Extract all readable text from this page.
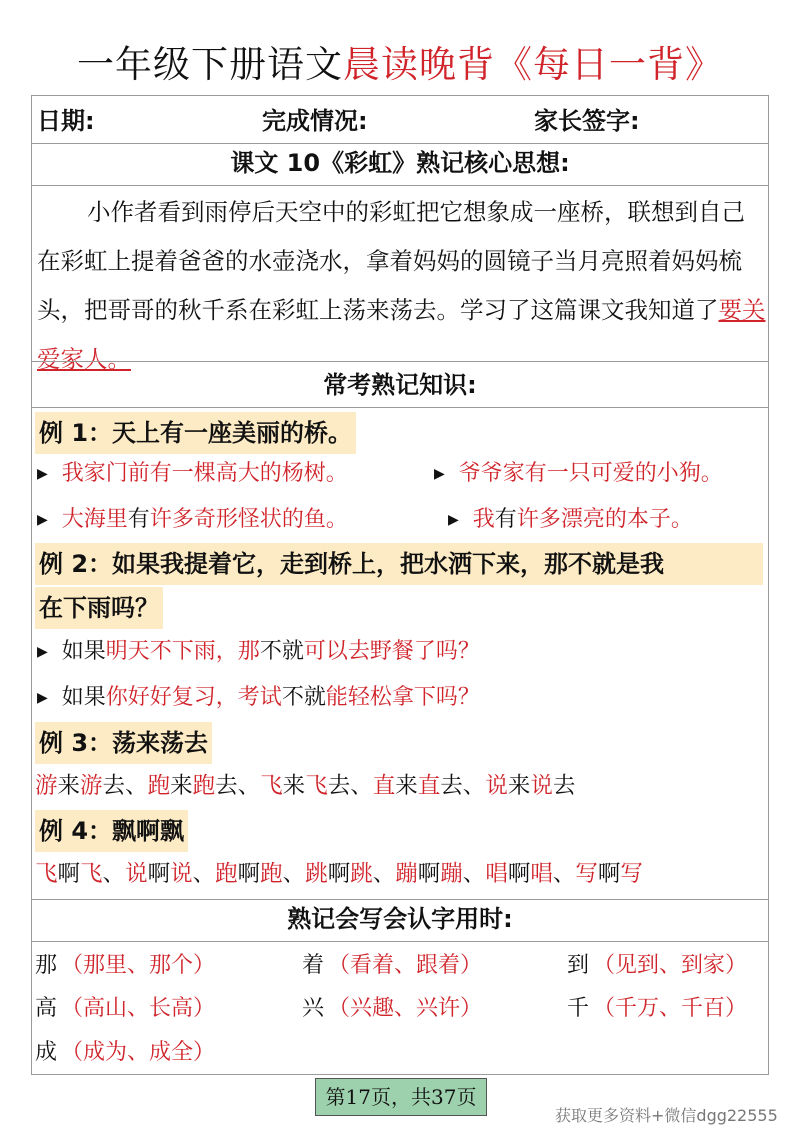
一年级下册语文晨读晚背《每日一背》
日期:	完成情况:	家长签字:
课文 10《彩虹》熟记核心思想:
小作者看到雨停后天空中的彩虹把它想象成一座桥，联想到自己在彩虹上提着爸爸的水壶浇水，拿着妈妈的圆镜子当月亮照着妈妈梳头，把哥哥的秋千系在彩虹上荡来荡去。学习了这篇课文我知道了要关爱家人。
常考熟记知识:
例 1：天上有一座美丽的桥。
▶ 我家门前有一棵高大的杨树。	▶ 爷爷家有一只可爱的小狗。
▶ 大海里有许多奇形怪状的鱼。	▶ 我有许多漂亮的本子。
例 2：如果我提着它，走到桥上，把水洒下来，那不就是我
在下雨吗？
▶ 如果明天不下雨，那不就可以去野餐了吗？
▶ 如果你好好复习，考试不就能轻松拿下吗？
例 3：荡来荡去
游来游去、跑来跑去、飞来飞去、直来直去、说来说去
例 4：飘啊飘
飞啊飞、说啊说、跑啊跑、跳啊跳、蹦啊蹦、唱啊唱、写啊写
熟记会写会认字用时:
那 （那里、那个）	着 （看着、跟着）	到 （见到、到家）
高 （高山、长高）	兴 （兴趣、兴许）	千 （千万、千百）
成 （成为、成全）
第17页，共37页
获取更多资料+微信dgg22555
